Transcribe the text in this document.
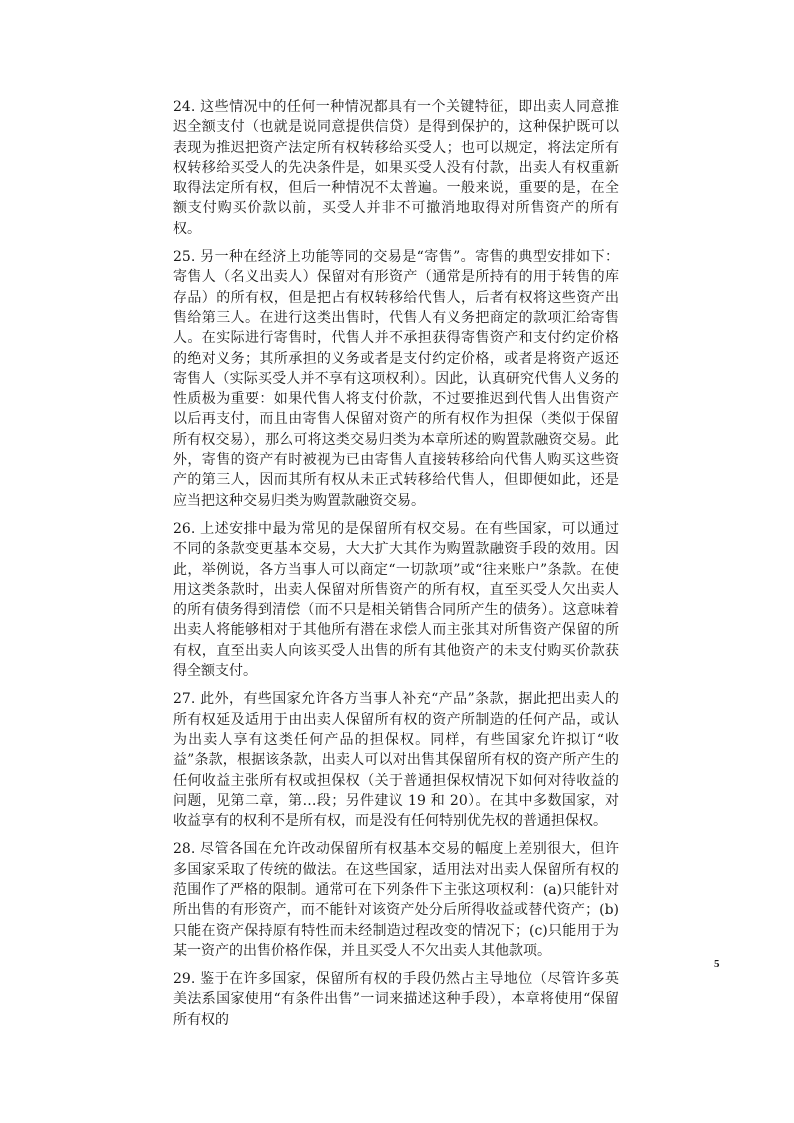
24. 这些情况中的任何一种情况都具有一个关键特征，即出卖人同意推迟全额支付（也就是说同意提供信贷）是得到保护的，这种保护既可以表现为推迟把资产法定所有权转移给买受人；也可以规定，将法定所有权转移给买受人的先决条件是，如果买受人没有付款，出卖人有权重新取得法定所有权，但后一种情况不太普遍。一般来说，重要的是，在全额支付购买价款以前，买受人并非不可撤消地取得对所售资产的所有权。

25. 另一种在经济上功能等同的交易是“寄售”。寄售的典型安排如下：寄售人（名义出卖人）保留对有形资产（通常是所持有的用于转售的库存品）的所有权，但是把占有权转移给代售人，后者有权将这些资产出售给第三人。在进行这类出售时，代售人有义务把商定的款项汇给寄售人。在实际进行寄售时，代售人并不承担获得寄售资产和支付约定价格的绝对义务；其所承担的义务或者是支付约定价格，或者是将资产返还寄售人（实际买受人并不享有这项权利）。因此，认真研究代售人义务的性质极为重要：如果代售人将支付价款，不过要推迟到代售人出售资产以后再支付，而且由寄售人保留对资产的所有权作为担保（类似于保留所有权交易），那么可将这类交易归类为本章所述的购置款融资交易。此外，寄售的资产有时被视为已由寄售人直接转移给向代售人购买这些资产的第三人，因而其所有权从未正式转移给代售人，但即便如此，还是应当把这种交易归类为购置款融资交易。

26. 上述安排中最为常见的是保留所有权交易。在有些国家，可以通过不同的条款变更基本交易，大大扩大其作为购置款融资手段的效用。因此，举例说，各方当事人可以商定“一切款项”或“往来账户”条款。在使用这类条款时，出卖人保留对所售资产的所有权，直至买受人欠出卖人的所有债务得到清偿（而不只是相关销售合同所产生的债务）。这意味着出卖人将能够相对于其他所有潜在求偿人而主张其对所售资产保留的所有权，直至出卖人向该买受人出售的所有其他资产的未支付购买价款获得全额支付。

27. 此外，有些国家允许各方当事人补充“产品”条款，据此把出卖人的所有权延及适用于由出卖人保留所有权的资产所制造的任何产品，或认为出卖人享有这类任何产品的担保权。同样，有些国家允许拟订“收益”条款，根据该条款，出卖人可以对出售其保留所有权的资产所产生的任何收益主张所有权或担保权（关于普通担保权情况下如何对待收益的问题，见第二章，第…段；另件建议 19 和 20）。在其中多数国家，对收益享有的权利不是所有权，而是没有任何特别优先权的普通担保权。

28. 尽管各国在允许改动保留所有权基本交易的幅度上差别很大，但许多国家采取了传统的做法。在这些国家，适用法对出卖人保留所有权的范围作了严格的限制。通常可在下列条件下主张这项权利：(a)只能针对所出售的有形资产，而不能针对该资产处分后所得收益或替代资产；(b)只能在资产保持原有特性而未经制造过程改变的情况下；(c)只能用于为某一资产的出售价格作保，并且买受人不欠出卖人其他款项。

29. 鉴于在许多国家，保留所有权的手段仍然占主导地位（尽管许多英美法系国家使用“有条件出售”一词来描述这种手段），本章将使用“保留所有权的

5
